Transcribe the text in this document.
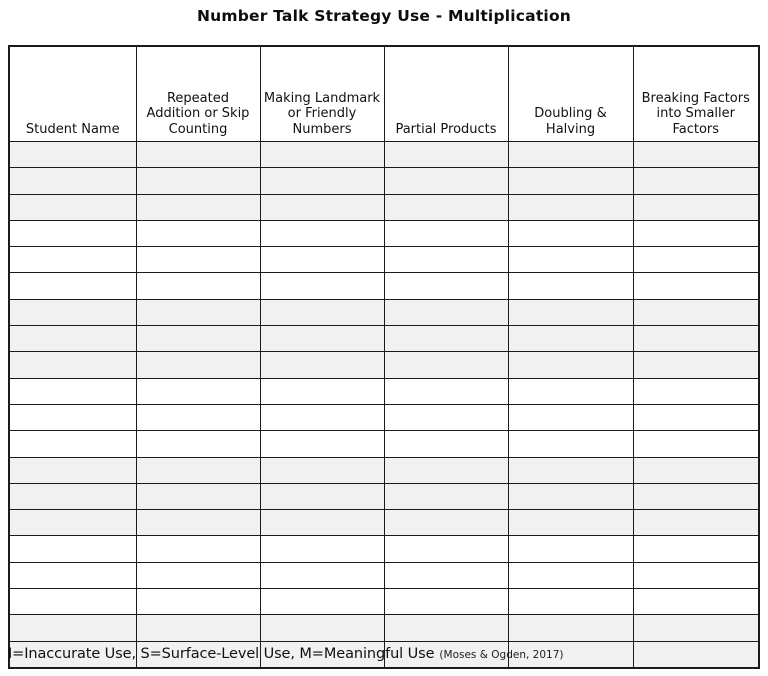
Number Talk Strategy Use - Multiplication
Student Name	Repeated Addition or Skip Counting	Making Landmark or Friendly Numbers	Partial Products	Doubling & Halving	Breaking Factors into Smaller Factors

I=Inaccurate Use, S=Surface-Level Use, M=Meaningful Use (Moses & Ogden, 2017)
